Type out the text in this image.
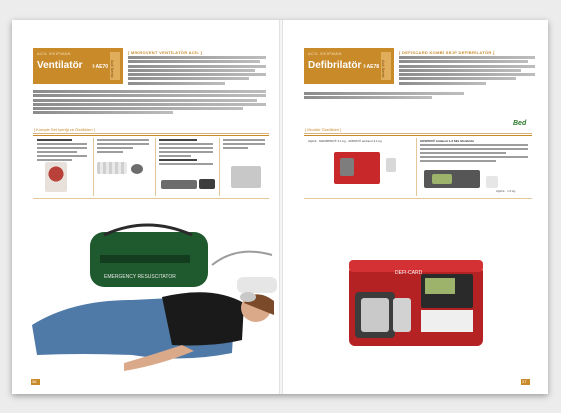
ACİL EKİPMAN
Ventilatör I·AE70 Acil Serisi
[ MİKROVENT VENTİLATÖR ACİL ]
[ Komple Set İçeriği ve Özellikleri ]
EMERGENCY RESUSCITATOR
36
ACİL EKİPMAN
Defibrilatör I·AE78 Acil Serisi
[ DEFISCARD KOMBİ SEJP DEFİBRİLATÖR ]
Bed
[ Monitör Özellikleri ]
Ağırlık · DEFIBPRO® 3.1 kg · ADPRO® ambient 3.1 kg	SOSPRO® Ambient 1-3 SEL Monitörlü
Ağırlık · 1.5 kg
DEFI-CARD
37
